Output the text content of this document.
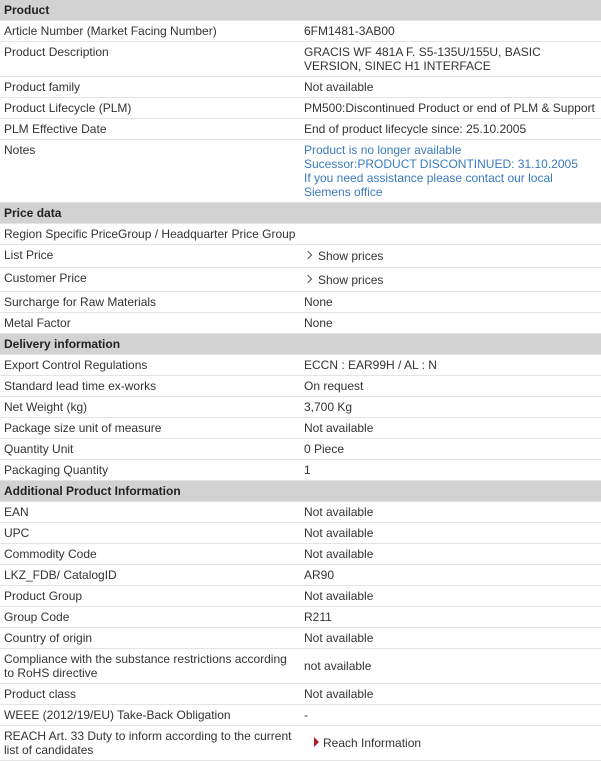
Product	
Article Number (Market Facing Number)	6FM1481-3AB00
Product Description	GRACIS WF 481A F. S5-135U/155U, BASIC VERSION, SINEC H1 INTERFACE
Product family	Not available
Product Lifecycle (PLM)	PM500:Discontinued Product or end of PLM & Support
PLM Effective Date	End of product lifecycle since: 25.10.2005
Notes	Product is no longer available
Sucessor:PRODUCT DISCONTINUED: 31.10.2005
If you need assistance please contact our local Siemens office

Price data	
Region Specific PriceGroup / Headquarter Price Group	
List Price	Show prices
Customer Price	Show prices
Surcharge for Raw Materials	None
Metal Factor	None
Delivery information	
Export Control Regulations	ECCN : EAR99H / AL : N
Standard lead time ex-works	On request
Net Weight (kg)	3,700 Kg
Package size unit of measure	Not available
Quantity Unit	0 Piece
Packaging Quantity	1
Additional Product Information	
EAN	Not available
UPC	Not available
Commodity Code	Not available
LKZ_FDB/ CatalogID	AR90
Product Group	Not available
Group Code	R211
Country of origin	Not available
Compliance with the substance restrictions according to RoHS directive	not available
Product class	Not available
WEEE (2012/19/EU) Take-Back Obligation	-
REACH Art. 33 Duty to inform according to the current list of candidates	Reach Information
